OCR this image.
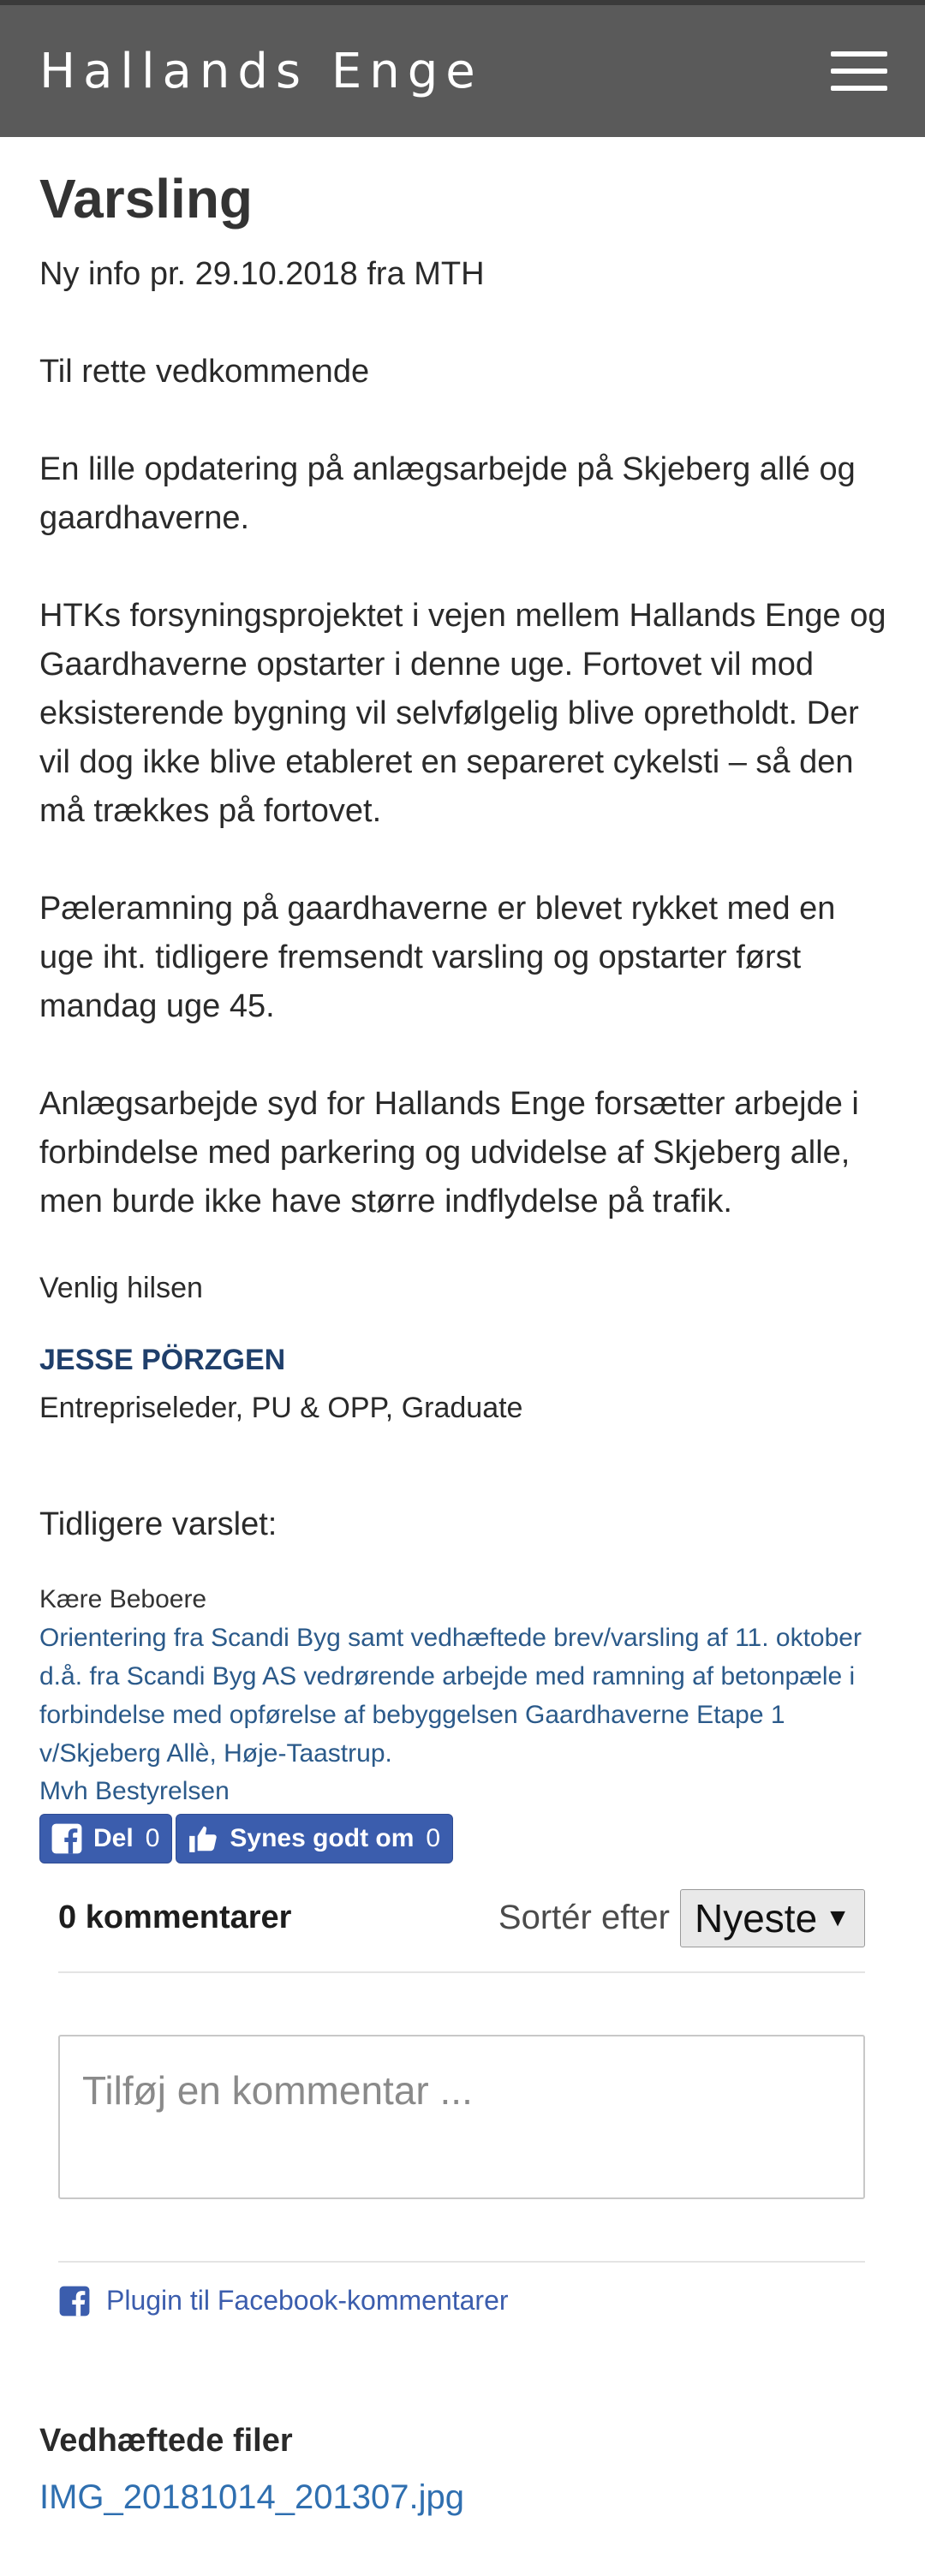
Hallands Enge
Varsling

Ny info pr. 29.10.2018 fra MTH

Til rette vedkommende

En lille opdatering på anlægsarbejde på Skjeberg allé og gaardhaverne.

HTKs forsyningsprojektet i vejen mellem Hallands Enge og Gaardhaverne opstarter i denne uge. Fortovet vil mod eksisterende bygning vil selvfølgelig blive opretholdt. Der vil dog ikke blive etableret en separeret cykelsti – så den må trækkes på fortovet.

Pæleramning på gaardhaverne er blevet rykket med en uge iht. tidligere fremsendt varsling og opstarter først mandag uge 45.

Anlægsarbejde syd for Hallands Enge forsætter arbejde i forbindelse med parkering og udvidelse af Skjeberg alle, men burde ikke have større indflydelse på trafik.

Venlig hilsen

JESSE PÖRZGEN

Entrepriseleder, PU & OPP, Graduate

Tidligere varslet:

Kære Beboere

Orientering fra Scandi Byg samt vedhæftede brev/varsling af 11. oktober d.å. fra Scandi Byg AS vedrørende arbejde med ramning af betonpæle i forbindelse med opførelse af bebyggelsen Gaardhaverne Etape 1 v/Skjeberg Allè, Høje-Taastrup.

Mvh Bestyrelsen

Del 0	Synes godt om 0
0 kommentarer	Sortér efter Nyeste ▼
Tilføj en kommentar ...
Plugin til Facebook-kommentarer

Vedhæftede filer

IMG_20181014_201307.jpg
